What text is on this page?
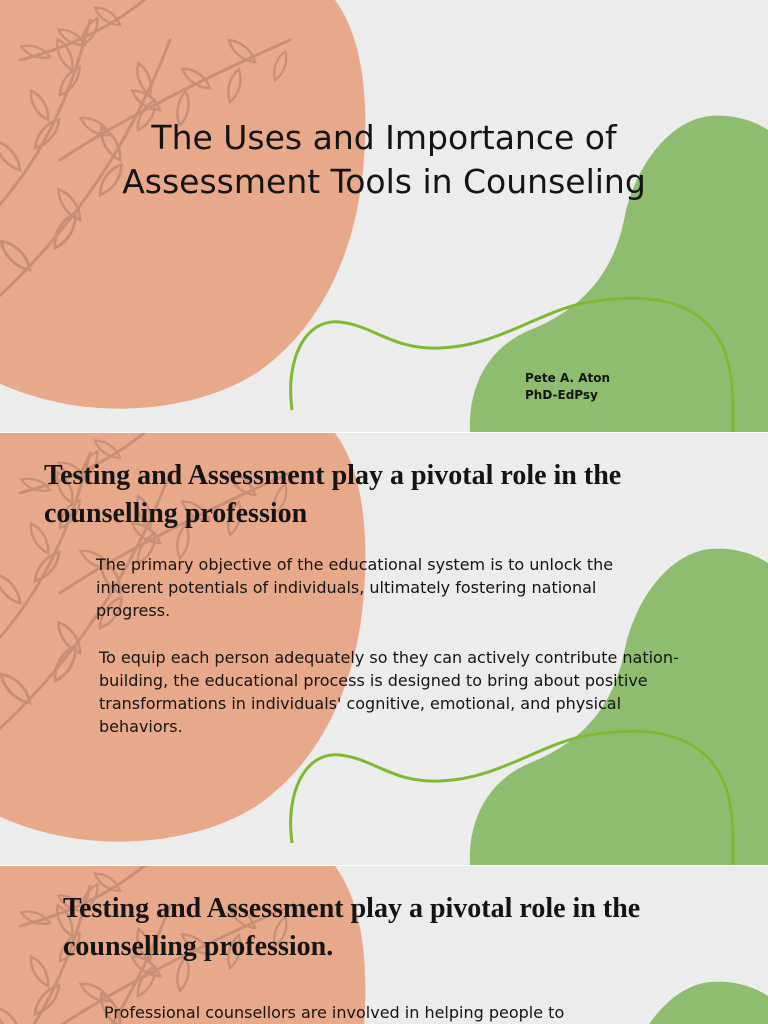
The Uses and Importance of Assessment Tools in Counseling
Pete A. Aton
PhD-EdPsy
Testing and Assessment play a pivotal role in the counselling profession

The primary objective of the educational system is to unlock the inherent potentials of individuals, ultimately fostering national progress.

To equip each person adequately so they can actively contribute nation-building, the educational process is designed to bring about positive transformations in individuals' cognitive, emotional, and physical behaviors.

Testing and Assessment play a pivotal role in the counselling profession.

Professional counsellors are involved in helping people to
